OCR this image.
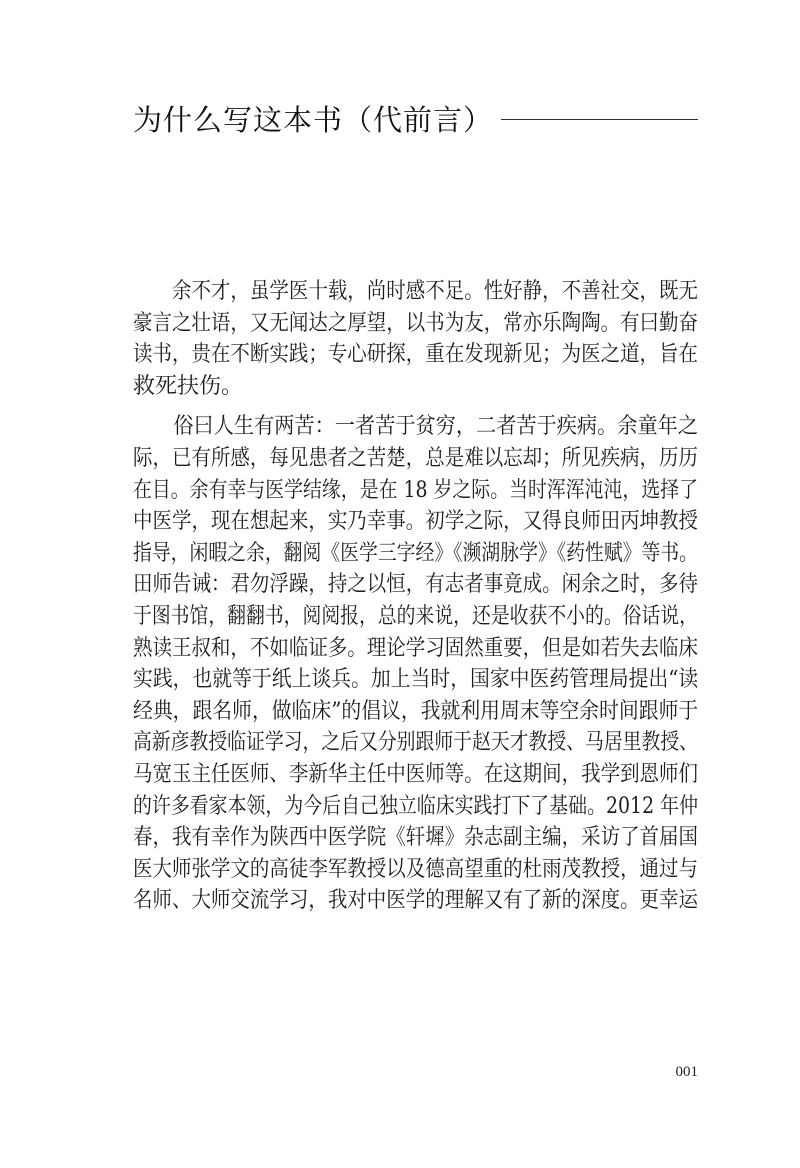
为什么写这本书（代前言）
　　余不才，虽学医十载，尚时感不足。性好静，不善社交，既无
豪言之壮语，又无闻达之厚望，以书为友，常亦乐陶陶。有曰勤奋
读书，贵在不断实践；专心研探，重在发现新见；为医之道，旨在
救死扶伤。
　　俗曰人生有两苦：一者苦于贫穷，二者苦于疾病。余童年之
际，已有所感，每见患者之苦楚，总是难以忘却；所见疾病，历历
在目。余有幸与医学结缘，是在 18 岁之际。当时浑浑沌沌，选择了
中医学，现在想起来，实乃幸事。初学之际，又得良师田丙坤教授
指导，闲暇之余，翻阅《医学三字经》《濒湖脉学》《药性赋》等书。
田师告诫：君勿浮躁，持之以恒，有志者事竟成。闲余之时，多待
于图书馆，翻翻书，阅阅报，总的来说，还是收获不小的。俗话说，
熟读王叔和，不如临证多。理论学习固然重要，但是如若失去临床
实践，也就等于纸上谈兵。加上当时，国家中医药管理局提出“读
经典，跟名师，做临床”的倡议，我就利用周末等空余时间跟师于
高新彦教授临证学习，之后又分别跟师于赵天才教授、马居里教授、
马宽玉主任医师、李新华主任中医师等。在这期间，我学到恩师们
的许多看家本领，为今后自己独立临床实践打下了基础。2012 年仲
春，我有幸作为陕西中医学院《轩墀》杂志副主编，采访了首届国
医大师张学文的高徒李军教授以及德高望重的杜雨茂教授，通过与
名师、大师交流学习，我对中医学的理解又有了新的深度。更幸运
001
